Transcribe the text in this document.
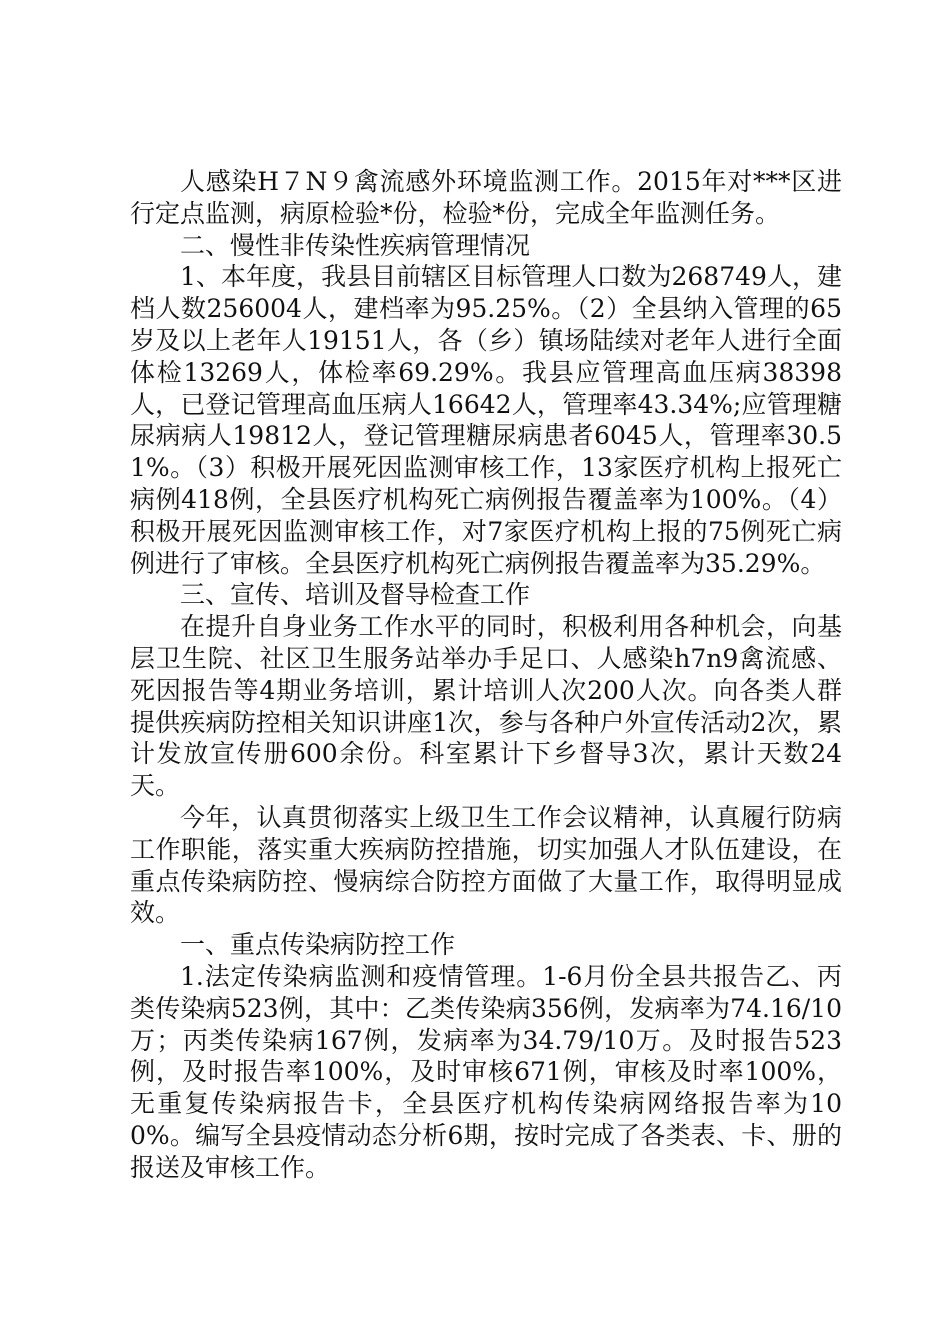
人感染H７N９禽流感外环境监测工作。2015年对***区进行定点监测，病原检验*份，检验*份，完成全年监测任务。

二、慢性非传染性疾病管理情况

1、本年度，我县目前辖区目标管理人口数为268749人，建档人数256004人，建档率为95.25%。（2）全县纳入管理的65岁及以上老年人19151人，各（乡）镇场陆续对老年人进行全面体检13269人，体检率69.29%。我县应管理高血压病38398人，已登记管理高血压病人16642人，管理率43.34%;应管理糖尿病病人19812人，登记管理糖尿病患者6045人，管理率30.51%。（3）积极开展死因监测审核工作，13家医疗机构上报死亡病例418例，全县医疗机构死亡病例报告覆盖率为100%。（4）积极开展死因监测审核工作，对7家医疗机构上报的75例死亡病例进行了审核。全县医疗机构死亡病例报告覆盖率为35.29%。

三、宣传、培训及督导检查工作

在提升自身业务工作水平的同时，积极利用各种机会，向基层卫生院、社区卫生服务站举办手足口、人感染h7n9禽流感、死因报告等4期业务培训，累计培训人次200人次。向各类人群提供疾病防控相关知识讲座1次，参与各种户外宣传活动2次，累计发放宣传册600余份。科室累计下乡督导3次，累计天数24天。

今年，认真贯彻落实上级卫生工作会议精神，认真履行防病工作职能，落实重大疾病防控措施，切实加强人才队伍建设，在重点传染病防控、慢病综合防控方面做了大量工作，取得明显成效。

一、重点传染病防控工作

1.法定传染病监测和疫情管理。1-6月份全县共报告乙、丙类传染病523例，其中：乙类传染病356例，发病率为74.16/10万；丙类传染病167例，发病率为34.79/10万。及时报告523例，及时报告率100%，及时审核671例，审核及时率100%，无重复传染病报告卡，全县医疗机构传染病网络报告率为100%。编写全县疫情动态分析6期，按时完成了各类表、卡、册的报送及审核工作。
